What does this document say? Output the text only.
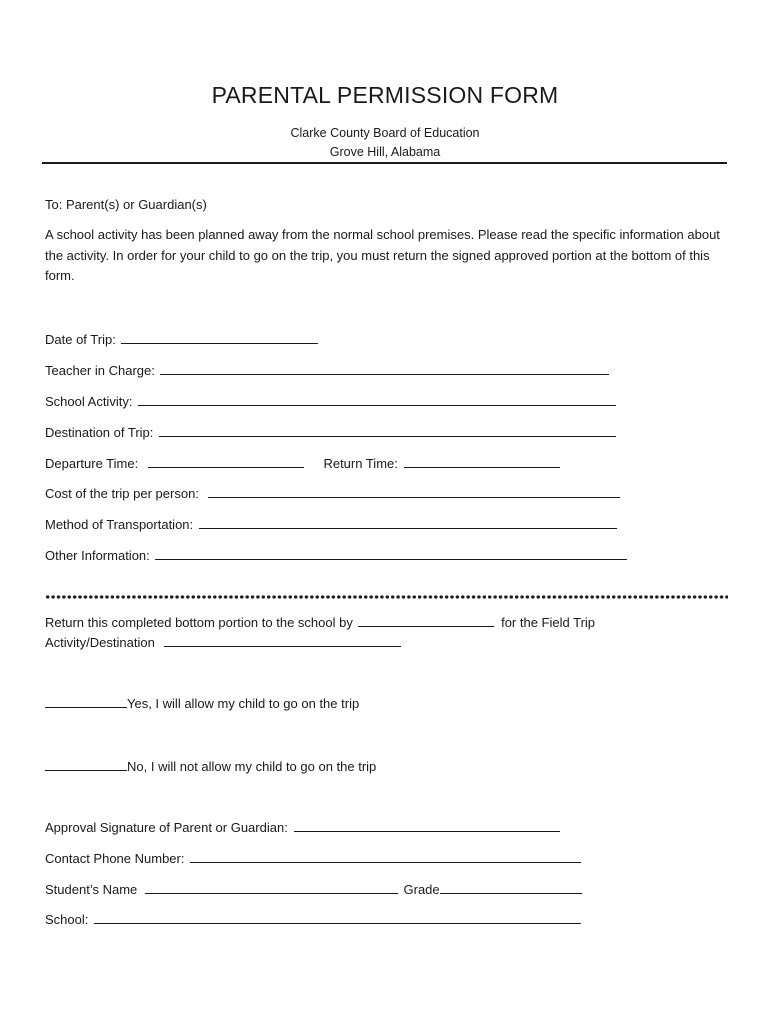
PARENTAL PERMISSION FORM
Clarke County Board of Education
Grove Hill, Alabama
To: Parent(s) or Guardian(s)
A school activity has been planned away from the normal school premises. Please read the specific information about the activity. In order for your child to go on the trip, you must return the signed approved portion at the bottom of this form.
Date of Trip:
Teacher in Charge:
School Activity:
Destination of Trip:
Departure Time:	Return Time:
Cost of the trip per person:
Method of Transportation:
Other Information:
Return this completed bottom portion to the school by	for the Field Trip
Activity/Destination
Yes, I will allow my child to go on the trip
No, I will not allow my child to go on the trip
Approval Signature of Parent or Guardian:
Contact Phone Number:
Student’s Name	Grade
School:
